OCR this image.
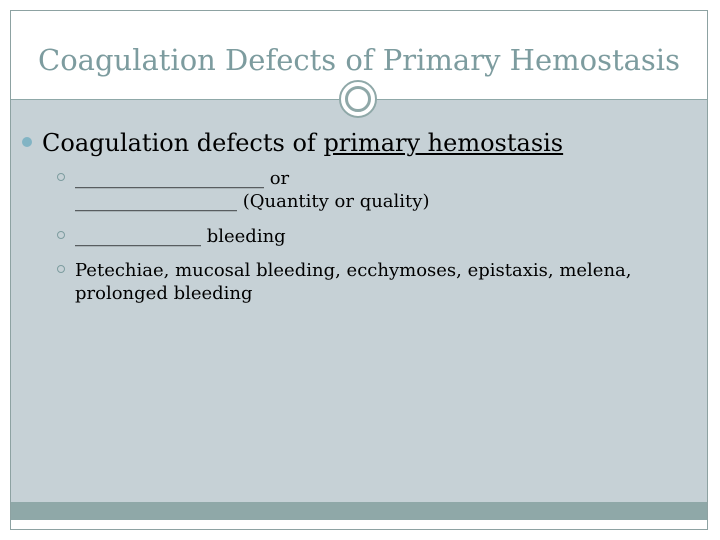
Coagulation Defects of Primary Hemostasis
Coagulation defects of primary hemostasis
_____________________ or
__________________ (Quantity or quality)
______________ bleeding
Petechiae, mucosal bleeding, ecchymoses, epistaxis, melena,
prolonged bleeding
